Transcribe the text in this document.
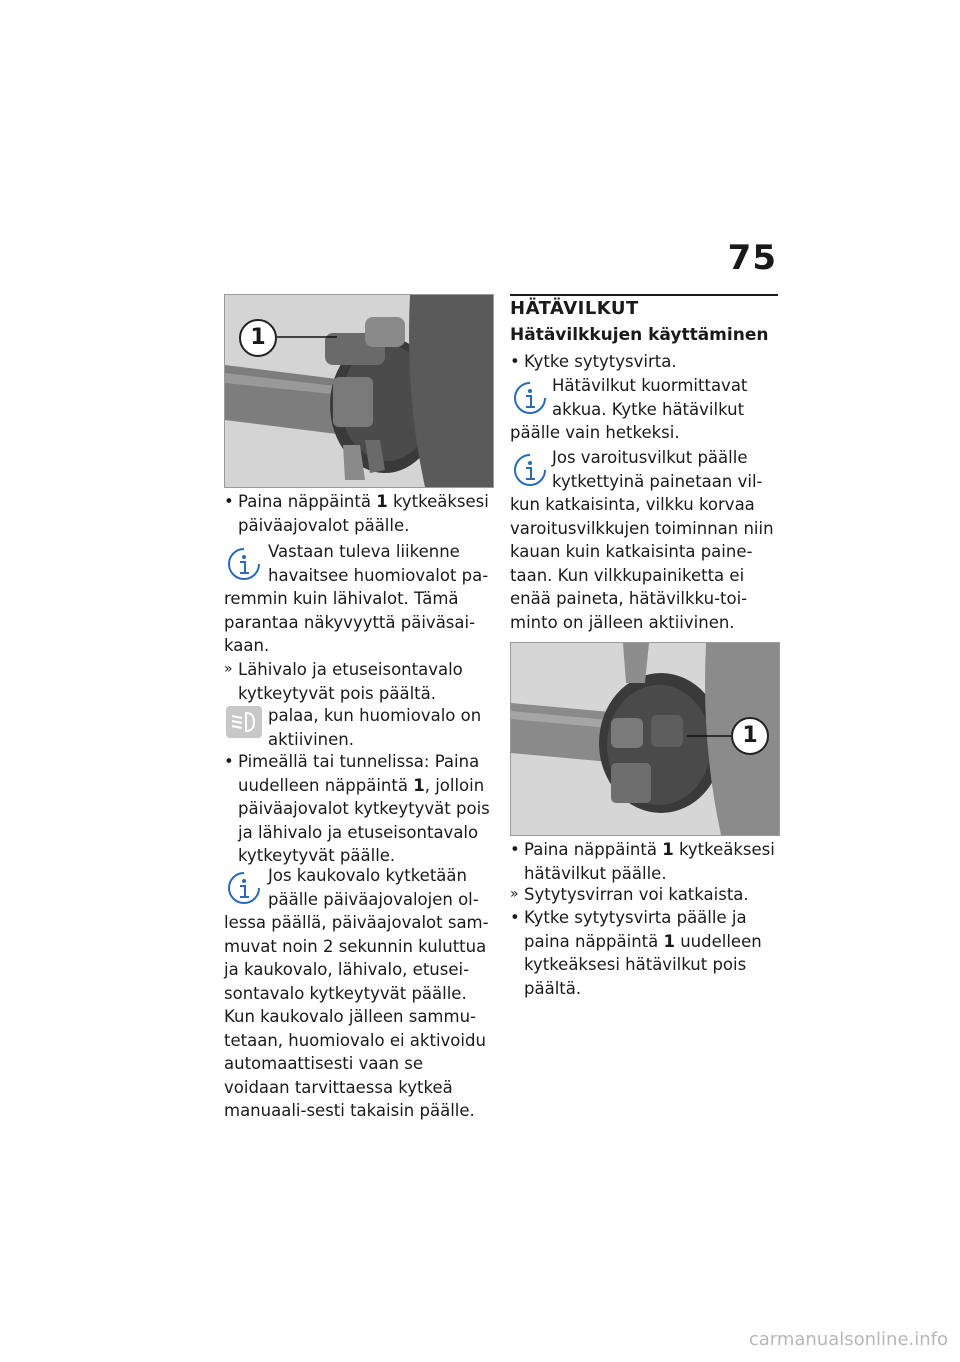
75
1
• Paina näppäintä 1 kytkeäksesi päiväajovalot päälle.
Vastaan tuleva liikenne havaitsee huomiovalot pa-
remmin kuin lähivalot. Tämä parantaa näkyvyyttä päiväsai-kaan.
» Lähivalo ja etuseisontavalo kytkeytyvät pois päältä.
palaa, kun huomiovalo on aktiivinen.
• Pimeällä tai tunnelissa: Paina uudelleen näppäintä 1, jolloin päiväajovalot kytkeytyvät pois ja lähivalo ja etuseisontavalo kytkeytyvät päälle.
Jos kaukovalo kytketään päälle päiväajovalojen ol-
lessa päällä, päiväajovalot sam-muvat noin 2 sekunnin kuluttua ja kaukovalo, lähivalo, etusei-sontavalo kytkeytyvät päälle.
Kun kaukovalo jälleen sammu-tetaan, huomiovalo ei aktivoidu automaattisesti vaan se voidaan tarvittaessa kytkeä manuaali-sesti takaisin päälle.
HÄTÄVILKUT
Hätävilkkujen käyttäminen
• Kytke sytytysvirta.
Hätävilkut kuormittavat akkua. Kytke hätävilkut
päälle vain hetkeksi.
Jos varoitusvilkut päälle kytkettyinä painetaan vil-
kun katkaisinta, vilkku korvaa varoitusvilkkujen toiminnan niin kauan kuin katkaisinta paine-taan. Kun vilkkupainiketta ei enää paineta, hätävilkku-toi-minto on jälleen aktiivinen.
1
• Paina näppäintä 1 kytkeäksesi hätävilkut päälle.
» Sytytysvirran voi katkaista.
• Kytke sytytysvirta päälle ja paina näppäintä 1 uudelleen kytkeäksesi hätävilkut pois päältä.
carmanualsonline.info
